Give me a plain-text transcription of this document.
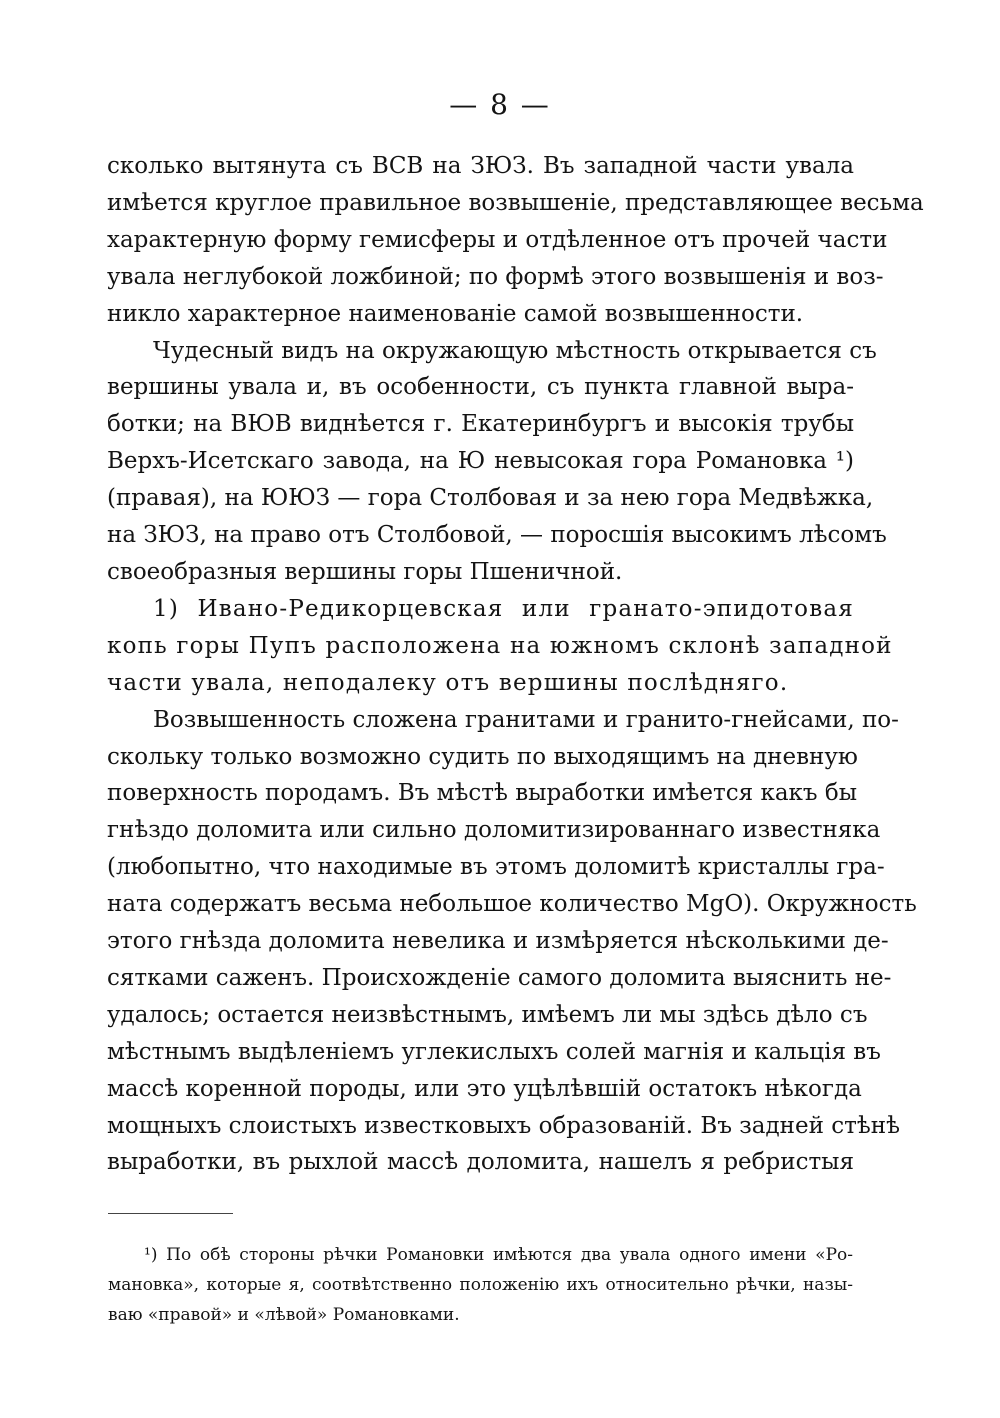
— 8 —

сколько вытянута съ ВСВ на ЗЮЗ. Въ западной части увала
имѣется круглое правильное возвышеніе, представляющее весьма
характерную форму гемисферы и отдѣленное отъ прочей части
увала неглубокой ложбиной; по формѣ этого возвышенія и воз-
никло характерное наименованіе самой возвышенности.

Чудесный видъ на окружающую мѣстность открывается съ
вершины увала и, въ особенности, съ пункта главной выра-
ботки; на ВЮВ виднѣется г. Екатеринбургъ и высокія трубы
Верхъ-Исетскаго завода, на Ю невысокая гора Романовка ¹)
(правая), на ЮЮЗ — гора Столбовая и за нею гора Медвѣжка,
на ЗЮЗ, на право отъ Столбовой, — поросшія высокимъ лѣсомъ
своеобразныя вершины горы Пшеничной.

1) Ивано-Редикорцевская или гранато-эпидотовая
копь горы Пупъ расположена на южномъ склонѣ западной
части увала, неподалеку отъ вершины послѣдняго.

Возвышенность сложена гранитами и гранито-гнейсами, по-
скольку только возможно судить по выходящимъ на дневную
поверхность породамъ. Въ мѣстѣ выработки имѣется какъ бы
гнѣздо доломита или сильно доломитизированнаго известняка
(любопытно, что находимые въ этомъ доломитѣ кристаллы гра-
ната содержатъ весьма небольшое количество MgO). Окружность
этого гнѣзда доломита невелика и измѣряется нѣсколькими де-
сятками саженъ. Происхожденіе самого доломита выяснить не-
удалось; остается неизвѣстнымъ, имѣемъ ли мы здѣсь дѣло съ
мѣстнымъ выдѣленіемъ углекислыхъ солей магнія и кальція въ
массѣ коренной породы, или это уцѣлѣвшій остатокъ нѣкогда
мощныхъ слоистыхъ известковыхъ образованій. Въ задней стѣнѣ
выработки, въ рыхлой массѣ доломита, нашелъ я ребристыя

¹) По обѣ стороны рѣчки Романовки имѣются два увала одного имени «Ро-
мановка», которые я, соотвѣтственно положенію ихъ относительно рѣчки, назы-
ваю «правой» и «лѣвой» Романовками.
